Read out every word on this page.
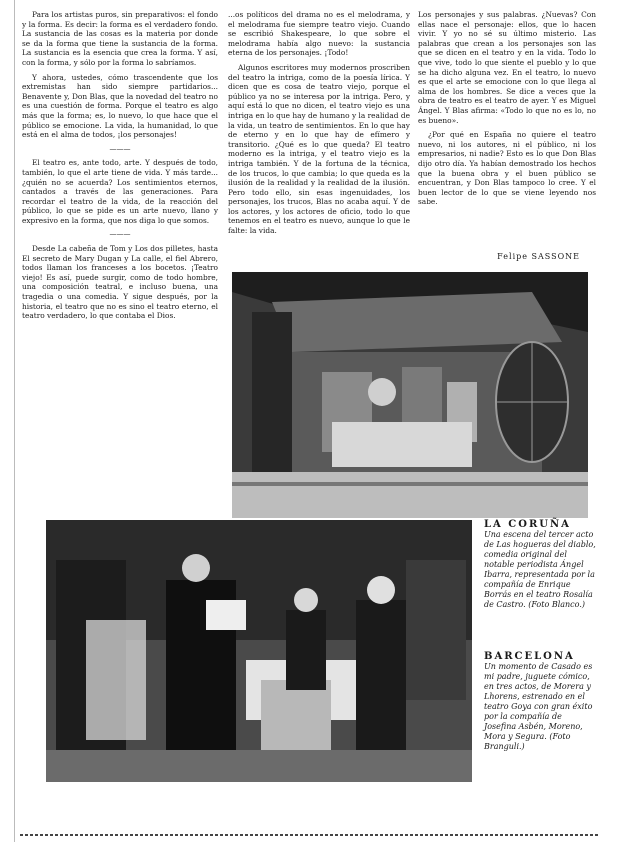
Para los artistas puros, sin preparativos: el fondo y la forma. Es decir: la forma es el verdadero fondo. La sustancia de las cosas es la materia por donde se da la forma que tiene la sustancia de la forma. La sustancia es la esencia que crea la forma. Y así, con la forma, y sólo por la forma lo sabríamos.

Y ahora, ustedes, cómo trascendente que los extremistas han sido siempre partidarios... Benavente y, Don Blas, que la novedad del teatro no es una cuestión de forma. Porque el teatro es algo más que la forma; es, lo nuevo, lo que hace que el público se emocione. La vida, la humanidad, lo que está en el alma de todos, ¡los personajes!

———

El teatro es, ante todo, arte. Y después de todo, también, lo que el arte tiene de vida. Y más tarde... ¿quién no se acuerda? Los sentimientos eternos, cantados a través de las generaciones. Para recordar el teatro de la vida, de la reacción del público, lo que se pide es un arte nuevo, llano y expresivo en la forma, que nos diga lo que somos.

———

Desde La cabeña de Tom y Los dos pilletes, hasta El secreto de Mary Dugan y La calle, el fiel Abrero, todos llaman los franceses a los bocetos. ¡Teatro viejo! Es así, puede surgir, como de todo hombre, una composición teatral, e incluso buena, una tragedia o una comedia. Y sigue después, por la historia, el teatro que no es sino el teatro eterno, el teatro verdadero, lo que contaba el Dios.

...os políticos del drama no es el melodrama, y el melodrama fue siempre teatro viejo. Cuando se escribió Shakespeare, lo que sobre el melodrama había algo nuevo: la sustancia eterna de los personajes. ¡Todo!

Algunos escritores muy modernos proscriben del teatro la intriga, como de la poesía lírica. Y dicen que es cosa de teatro viejo, porque el público ya no se interesa por la intriga. Pero, y aquí está lo que no dicen, el teatro viejo es una intriga en lo que hay de humano y la realidad de la vida, un teatro de sentimientos. En lo que hay de eterno y en lo que hay de efímero y transitorio. ¿Qué es lo que queda? El teatro moderno es la intriga, y el teatro viejo es la intriga también. Y de la fortuna de la técnica, de los trucos, lo que cambia; lo que queda es la ilusión de la realidad y la realidad de la ilusión. Pero todo ello, sin esas ingenuidades, los personajes, los trucos, Blas no acaba aquí. Y de los actores, y los actores de oficio, todo lo que tenemos en el teatro es nuevo, aunque lo que le falte: la vida.

Los personajes y sus palabras. ¿Nuevas? Con ellas nace el personaje: ellos, que lo hacen vivir. Y yo no sé su último misterio. Las palabras que crean a los personajes son las que se dicen en el teatro y en la vida. Todo lo que vive, todo lo que siente el pueblo y lo que se ha dicho alguna vez. En el teatro, lo nuevo es que el arte se emocione con lo que llega al alma de los hombres. Se dice a veces que la obra de teatro es el teatro de ayer. Y es Miguel Ángel. Y Blas afirma: «Todo lo que no es lo, no es bueno».

¿Por qué en España no quiere el teatro nuevo, ni los autores, ni el público, ni los empresarios, ni nadie? Esto es lo que Don Blas dijo otro día. Ya habían demostrado los hechos que la buena obra y el buen público se encuentran, y Don Blas tampoco lo cree. Y el buen lector de lo que se viene leyendo nos sabe.

Felipe SASSONE
LA CORUÑA
Una escena del tercer acto de Las hogueras del diablo, comedia original del notable periodista Ángel Ibarra, representada por la compañía de Enrique Borrás en el teatro Rosalía de Castro. (Foto Blanco.)
BARCELONA
Un momento de Casado es mi padre, juguete cómico, en tres actos, de Morera y Lhorens, estrenado en el teatro Goya con gran éxito por la compañía de Josefina Asbén, Moreno, Mora y Segura. (Foto Branguli.)
